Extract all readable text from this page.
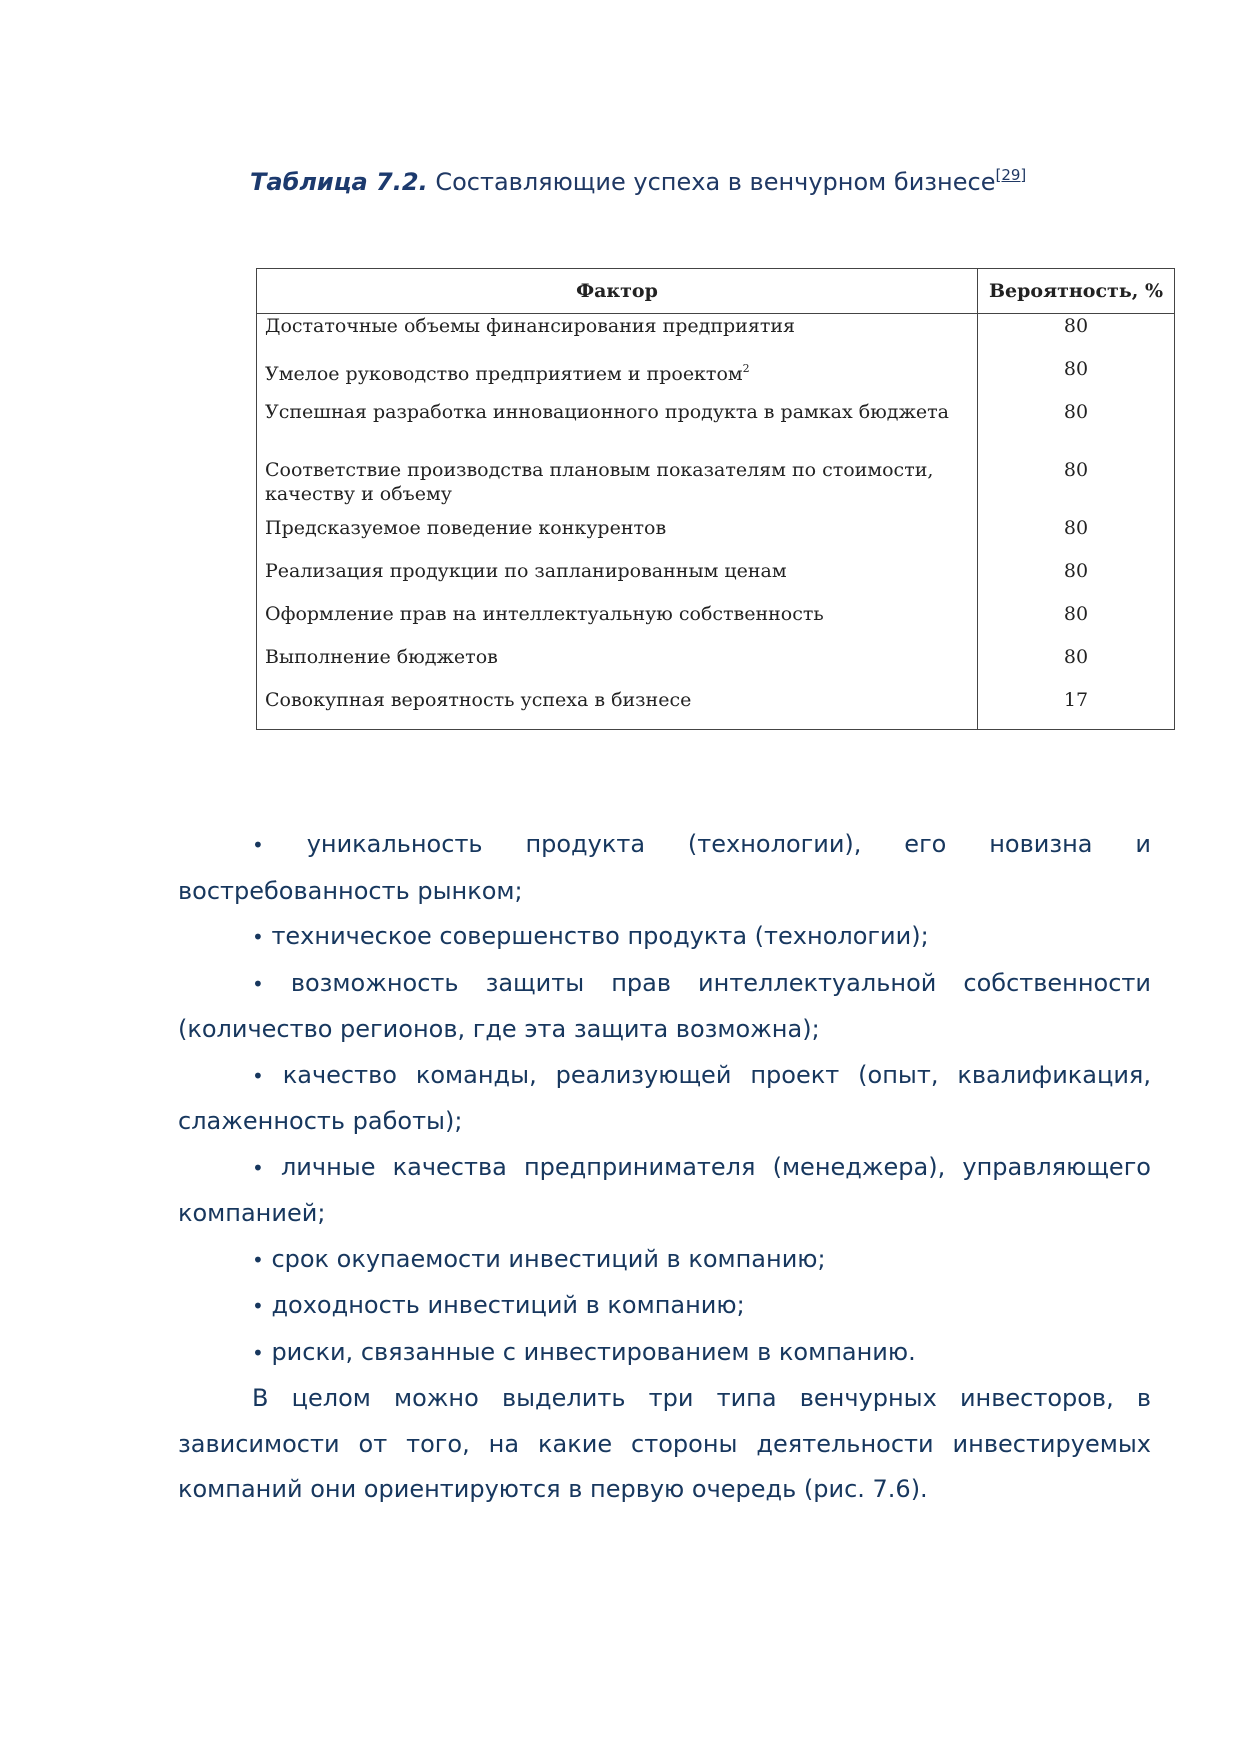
Таблица 7.2. Составляющие успеха в венчурном бизнесе[29]
Фактор	Вероятность, %
Достаточные объемы финансирования предприятия	80
Умелое руководство предприятием и проектом$^2$	80
Успешная разработка инновационного продукта в рамках бюджета	80
Соответствие производства плановым показателям по стоимости, качеству и объему	80
Предсказуемое поведение конкурентов	80
Реализация продукции по запланированным ценам	80
Оформление прав на интеллектуальную собственность	80
Выполнение бюджетов	80
Совокупная вероятность успеха в бизнесе	17

• уникальность продукта (технологии), его новизна и востребованность рынком;

• техническое совершенство продукта (технологии);

• возможность защиты прав интеллектуальной собственности (количество регионов, где эта защита возможна);

• качество команды, реализующей проект (опыт, квалификация, слаженность работы);

• личные качества предпринимателя (менеджера), управляющего компанией;

• срок окупаемости инвестиций в компанию;

• доходность инвестиций в компанию;

• риски, связанные с инвестированием в компанию.

В целом можно выделить три типа венчурных инвесторов, в зависимости от того, на какие стороны деятельности инвестируемых компаний они ориентируются в первую очередь (рис. 7.6).
